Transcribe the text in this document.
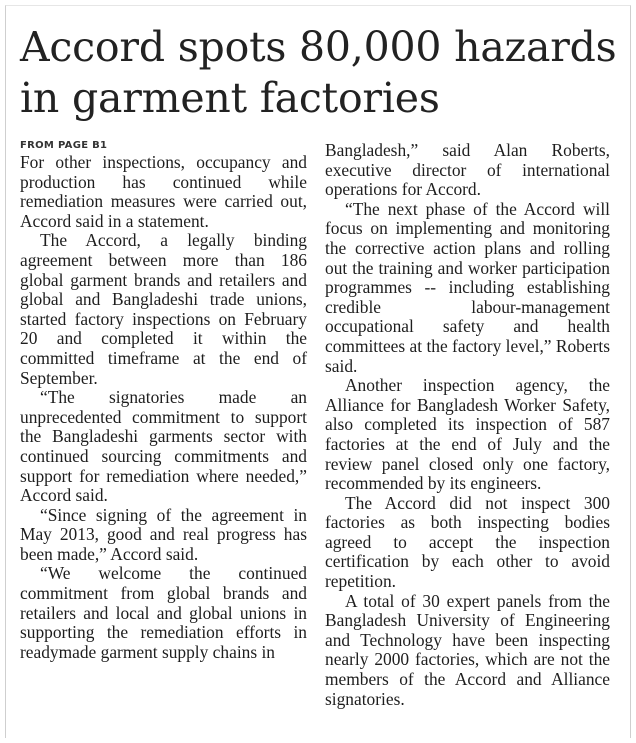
Accord spots 80,000 hazards
in garment factories
FROM PAGE B1

For other inspections, occupancy and production has continued while remediation measures were carried out, Accord said in a statement.

The Accord, a legally binding agreement between more than 186 global garment brands and retailers and global and Bangladeshi trade unions, started factory inspections on February 20 and completed it within the committed timeframe at the end of September.

“The signatories made an unprecedented commitment to support the Bangladeshi garments sector with continued sourcing commitments and support for remediation where needed,” Accord said.

“Since signing of the agreement in May 2013, good and real progress has been made,” Accord said.

“We welcome the continued commitment from global brands and retailers and local and global unions in supporting the remediation efforts in readymade garment supply chains in

Bangladesh,” said Alan Roberts, executive director of international operations for Accord.

“The next phase of the Accord will focus on implementing and monitoring the corrective action plans and rolling out the training and worker participation programmes -- including establishing credible labour-management occupational safety and health committees at the factory level,” Roberts said.

Another inspection agency, the Alliance for Bangladesh Worker Safety, also completed its inspection of 587 factories at the end of July and the review panel closed only one factory, recommended by its engineers.

The Accord did not inspect 300 factories as both inspecting bodies agreed to accept the inspection certification by each other to avoid repetition.

A total of 30 expert panels from the Bangladesh University of Engineering and Technology have been inspecting nearly 2000 factories, which are not the members of the Accord and Alliance signatories.
